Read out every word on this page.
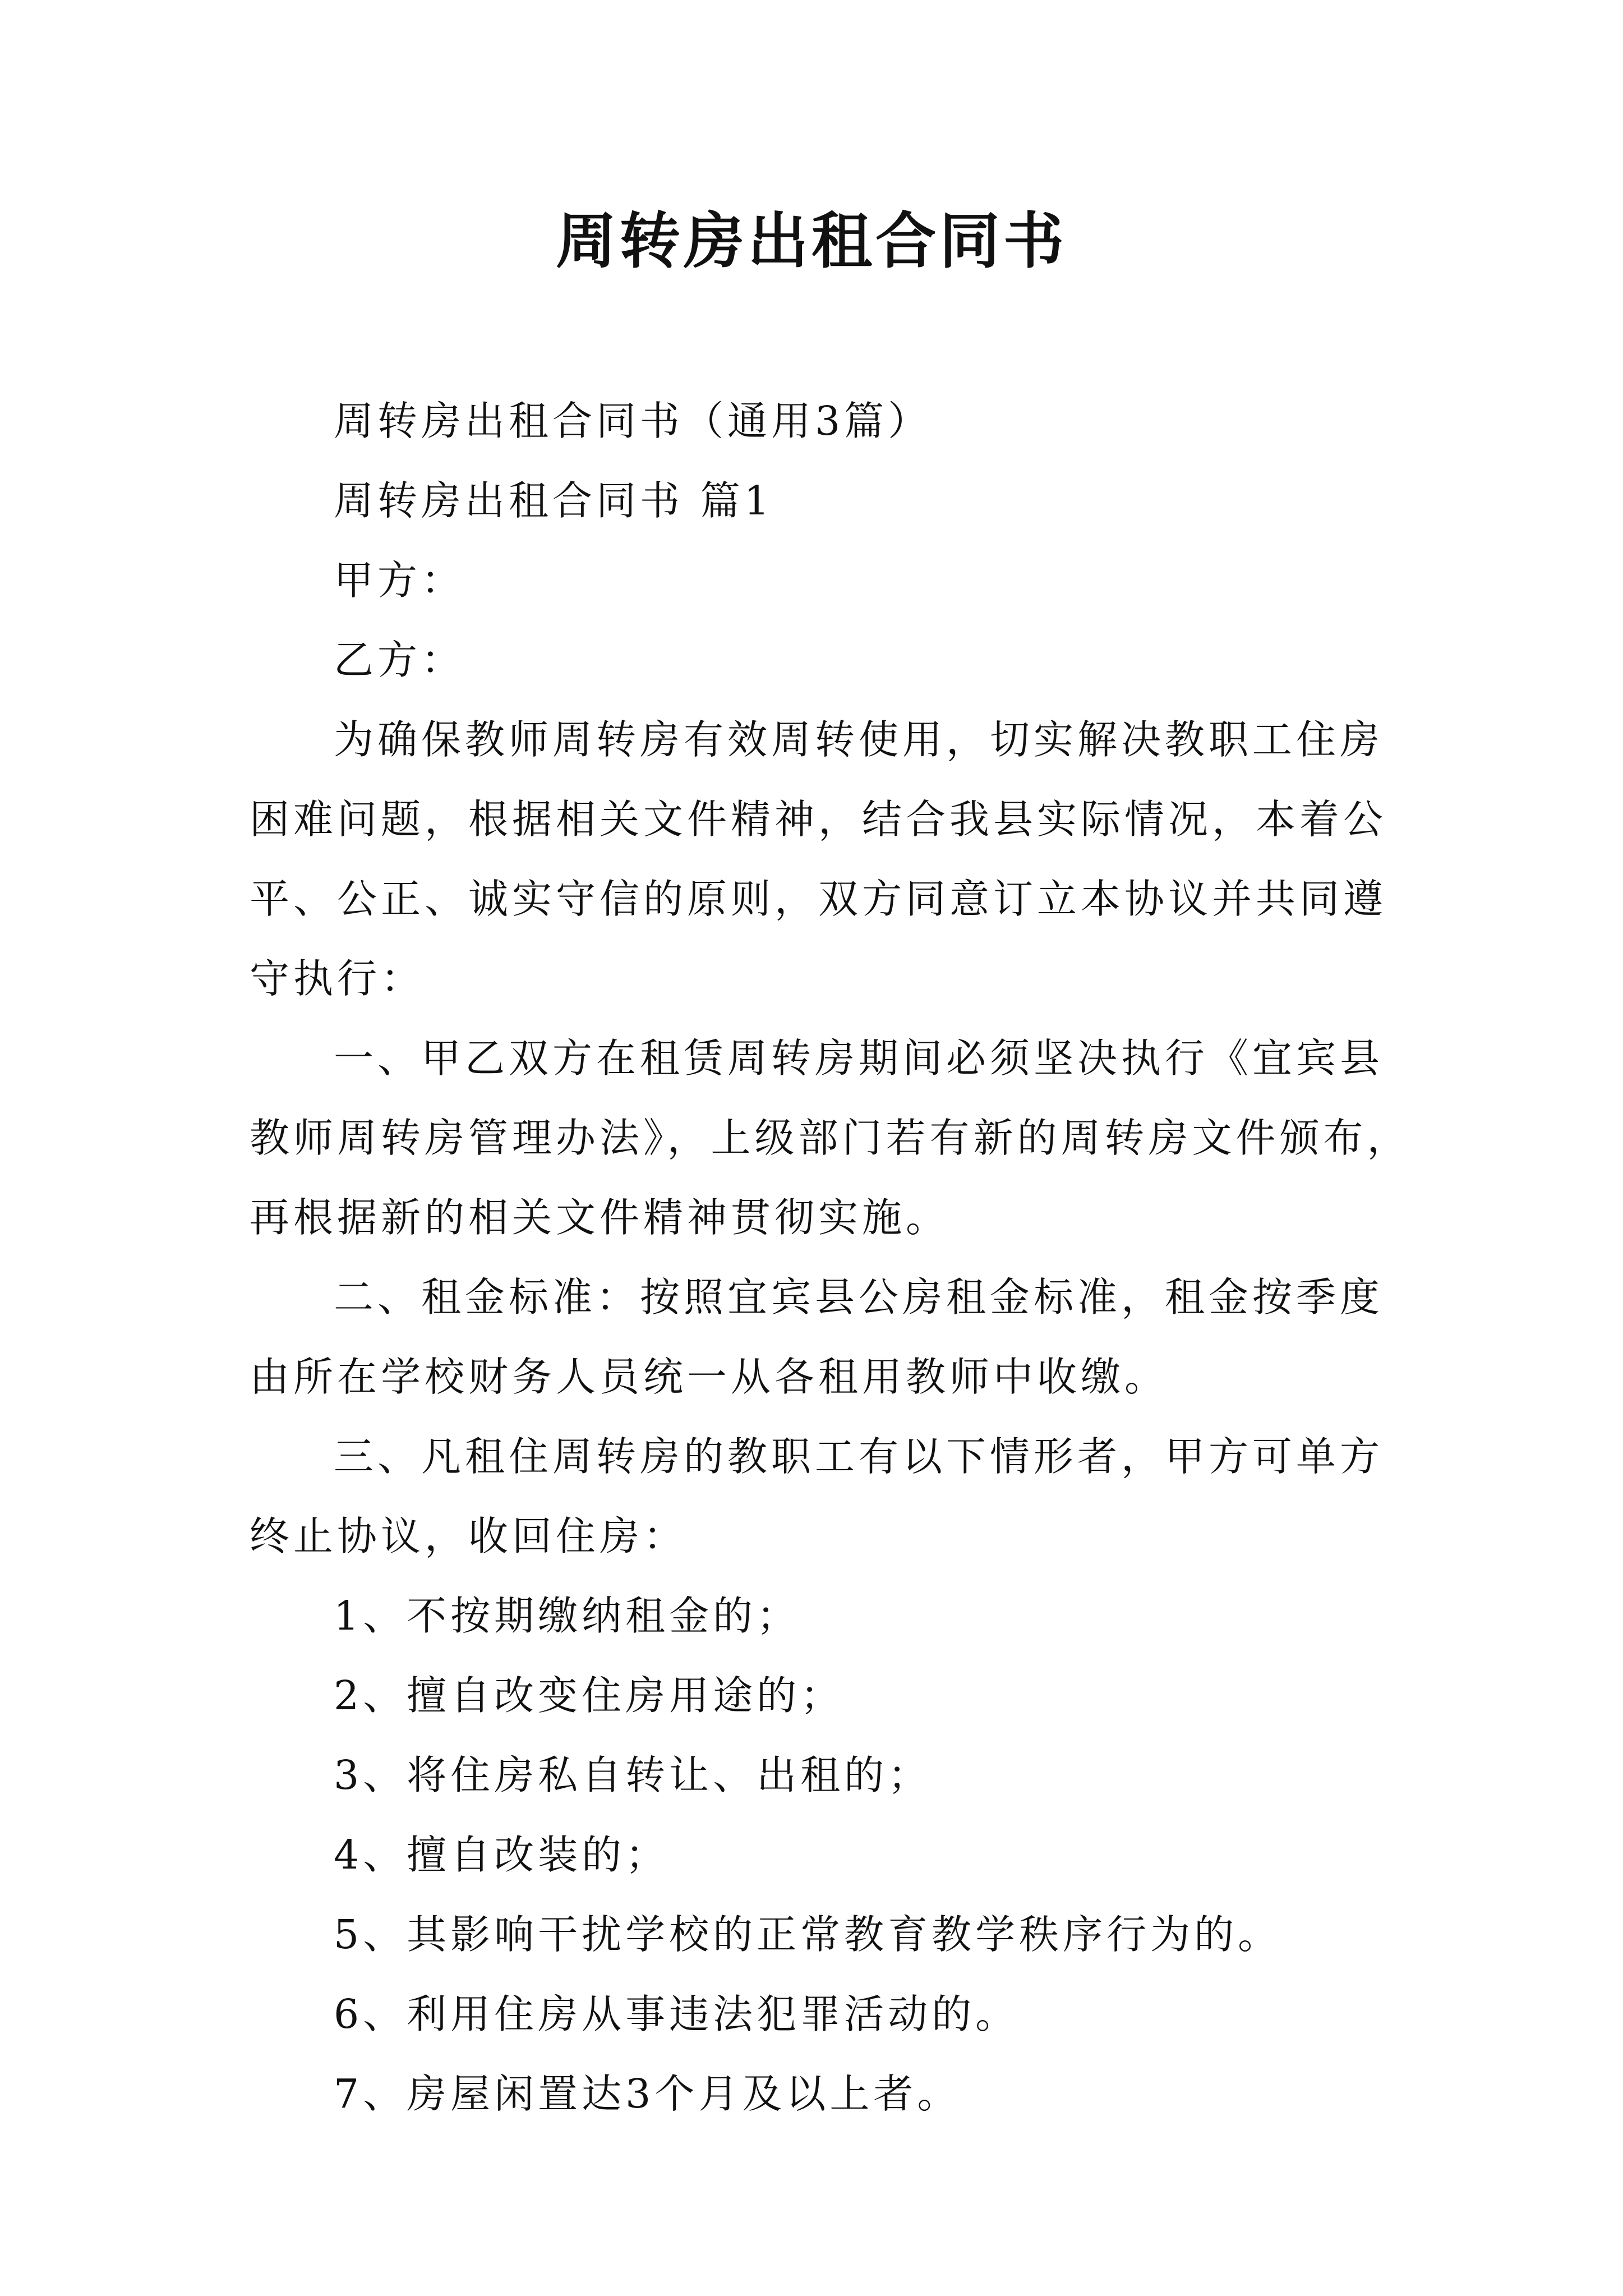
周转房出租合同书

周转房出租合同书（通用3篇）

周转房出租合同书 篇1

甲方：

乙方：

为确保教师周转房有效周转使用，切实解决教职工住房

困难问题，根据相关文件精神，结合我县实际情况，本着公

平、公正、诚实守信的原则，双方同意订立本协议并共同遵

守执行：

一、甲乙双方在租赁周转房期间必须坚决执行《宜宾县

教师周转房管理办法》，上级部门若有新的周转房文件颁布，

再根据新的相关文件精神贯彻实施。

二、租金标准：按照宜宾县公房租金标准，租金按季度

由所在学校财务人员统一从各租用教师中收缴。

三、凡租住周转房的教职工有以下情形者，甲方可单方

终止协议，收回住房：

1、不按期缴纳租金的；

2、擅自改变住房用途的；

3、将住房私自转让、出租的；

4、擅自改装的；

5、其影响干扰学校的正常教育教学秩序行为的。

6、利用住房从事违法犯罪活动的。

7、房屋闲置达3个月及以上者。
